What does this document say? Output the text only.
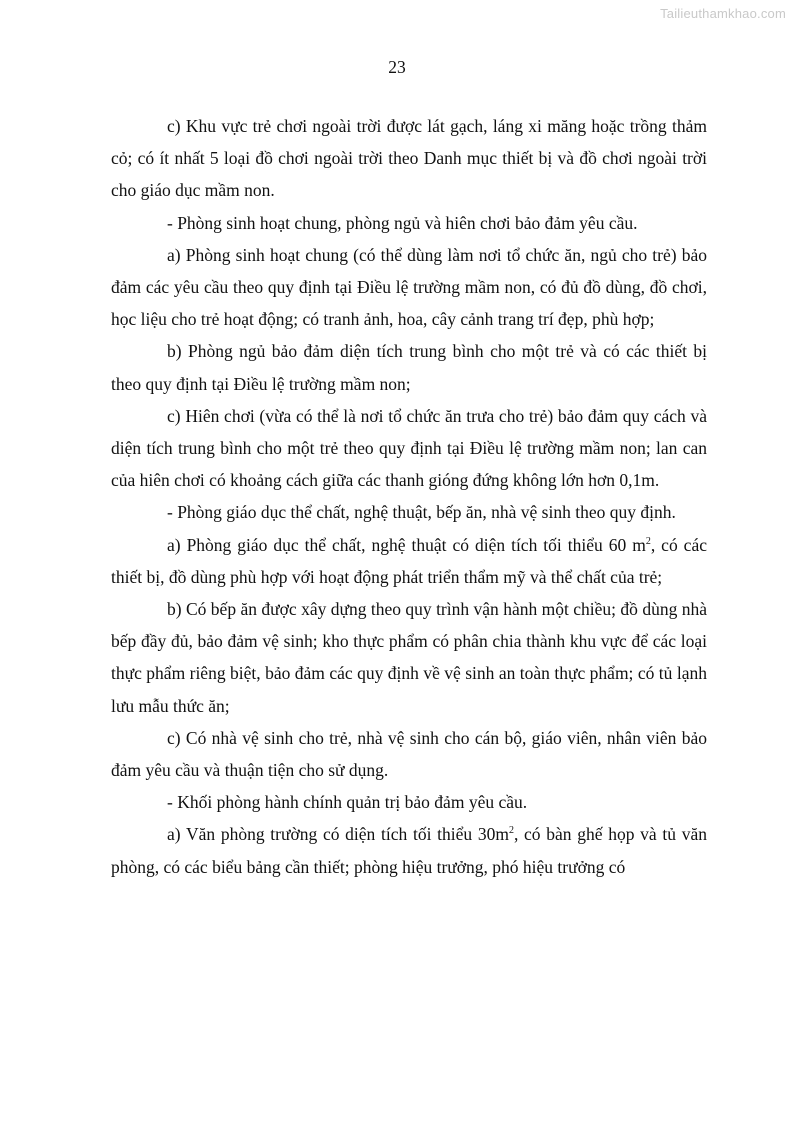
Tailieuthamkhao.com
23

c) Khu vực trẻ chơi ngoài trời được lát gạch, láng xi măng hoặc trồng thảm cỏ; có ít nhất 5 loại đồ chơi ngoài trời theo Danh mục thiết bị và đồ chơi ngoài trời cho giáo dục mầm non.

- Phòng sinh hoạt chung, phòng ngủ và hiên chơi bảo đảm yêu cầu.

a) Phòng sinh hoạt chung (có thể dùng làm nơi tổ chức ăn, ngủ cho trẻ) bảo đảm các yêu cầu theo quy định tại Điều lệ trường mầm non, có đủ đồ dùng, đồ chơi, học liệu cho trẻ hoạt động; có tranh ảnh, hoa, cây cảnh trang trí đẹp, phù hợp;

b) Phòng ngủ bảo đảm diện tích trung bình cho một trẻ và có các thiết bị theo quy định tại Điều lệ trường mầm non;

c) Hiên chơi (vừa có thể là nơi tổ chức ăn trưa cho trẻ) bảo đảm quy cách và diện tích trung bình cho một trẻ theo quy định tại Điều lệ trường mầm non; lan can của hiên chơi có khoảng cách giữa các thanh gióng đứng không lớn hơn 0,1m.

- Phòng giáo dục thể chất, nghệ thuật, bếp ăn, nhà vệ sinh theo quy định.

a) Phòng giáo dục thể chất, nghệ thuật có diện tích tối thiểu 60 $m^2$, có các thiết bị, đồ dùng phù hợp với hoạt động phát triển thẩm mỹ và thể chất của trẻ;

b) Có bếp ăn được xây dựng theo quy trình vận hành một chiều; đồ dùng nhà bếp đầy đủ, bảo đảm vệ sinh; kho thực phẩm có phân chia thành khu vực để các loại thực phẩm riêng biệt, bảo đảm các quy định về vệ sinh an toàn thực phẩm; có tủ lạnh lưu mẫu thức ăn;

c) Có nhà vệ sinh cho trẻ, nhà vệ sinh cho cán bộ, giáo viên, nhân viên bảo đảm yêu cầu và thuận tiện cho sử dụng.

- Khối phòng hành chính quản trị bảo đảm yêu cầu.

a) Văn phòng trường có diện tích tối thiểu $30m^2$, có bàn ghế họp và tủ văn phòng, có các biểu bảng cần thiết; phòng hiệu trưởng, phó hiệu trưởng có
